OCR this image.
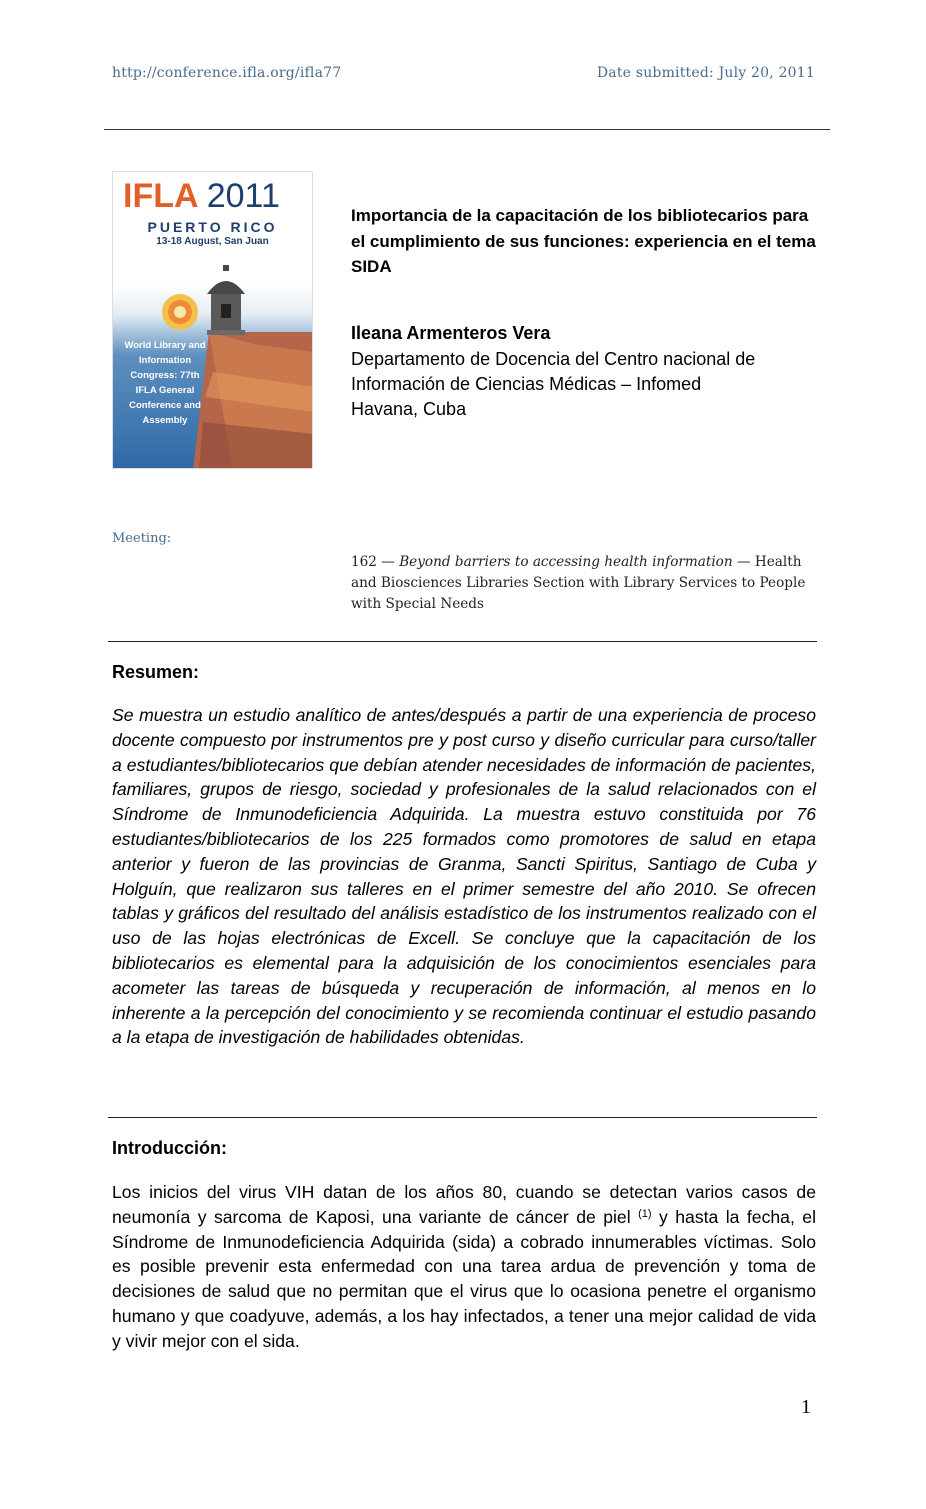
http://conference.ifla.org/ifla77	Date submitted: July 20, 2011
IFLA 2011
PUERTO RICO
13-18 August, San Juan
World Library and Information Congress: 77th IFLA General Conference and Assembly
Importancia de la capacitación de los bibliotecarios para el cumplimiento de sus funciones: experiencia en el tema SIDA
Ileana Armenteros Vera
Departamento de Docencia del Centro nacional de
Información de Ciencias Médicas – Infomed
Havana, Cuba
Meeting:
162 — Beyond barriers to accessing health information — Health and Biosciences Libraries Section with Library Services to People with Special Needs
Resumen:
Se muestra un estudio analítico de antes/después a partir de una experiencia de proceso docente compuesto por instrumentos pre y post curso y diseño curricular para curso/taller a estudiantes/bibliotecarios que debían atender necesidades de información de pacientes, familiares, grupos de riesgo, sociedad y profesionales de la salud relacionados con el Síndrome de Inmunodeficiencia Adquirida. La muestra estuvo constituida por 76 estudiantes/bibliotecarios de los 225 formados como promotores de salud en etapa anterior y fueron de las provincias de Granma, Sancti Spiritus, Santiago de Cuba y Holguín, que realizaron sus talleres en el primer semestre del año 2010. Se ofrecen tablas y gráficos del resultado del análisis estadístico de los instrumentos realizado con el uso de las hojas electrónicas de Excell. Se concluye que la capacitación de los bibliotecarios es elemental para la adquisición de los conocimientos esenciales para acometer las tareas de búsqueda y recuperación de información, al menos en lo inherente a la percepción del conocimiento y se recomienda continuar el estudio pasando a la etapa de investigación de habilidades obtenidas.
Introducción:
Los inicios del virus VIH datan de los años 80, cuando se detectan varios casos de neumonía y sarcoma de Kaposi, una variante de cáncer de piel $^{(1)}$ y hasta la fecha, el Síndrome de Inmunodeficiencia Adquirida (sida) a cobrado innumerables víctimas. Solo es posible prevenir esta enfermedad con una tarea ardua de prevención y toma de decisiones de salud que no permitan que el virus que lo ocasiona penetre el organismo humano y que coadyuve, además, a los hay infectados, a tener una mejor calidad de vida y vivir mejor con el sida.
1
